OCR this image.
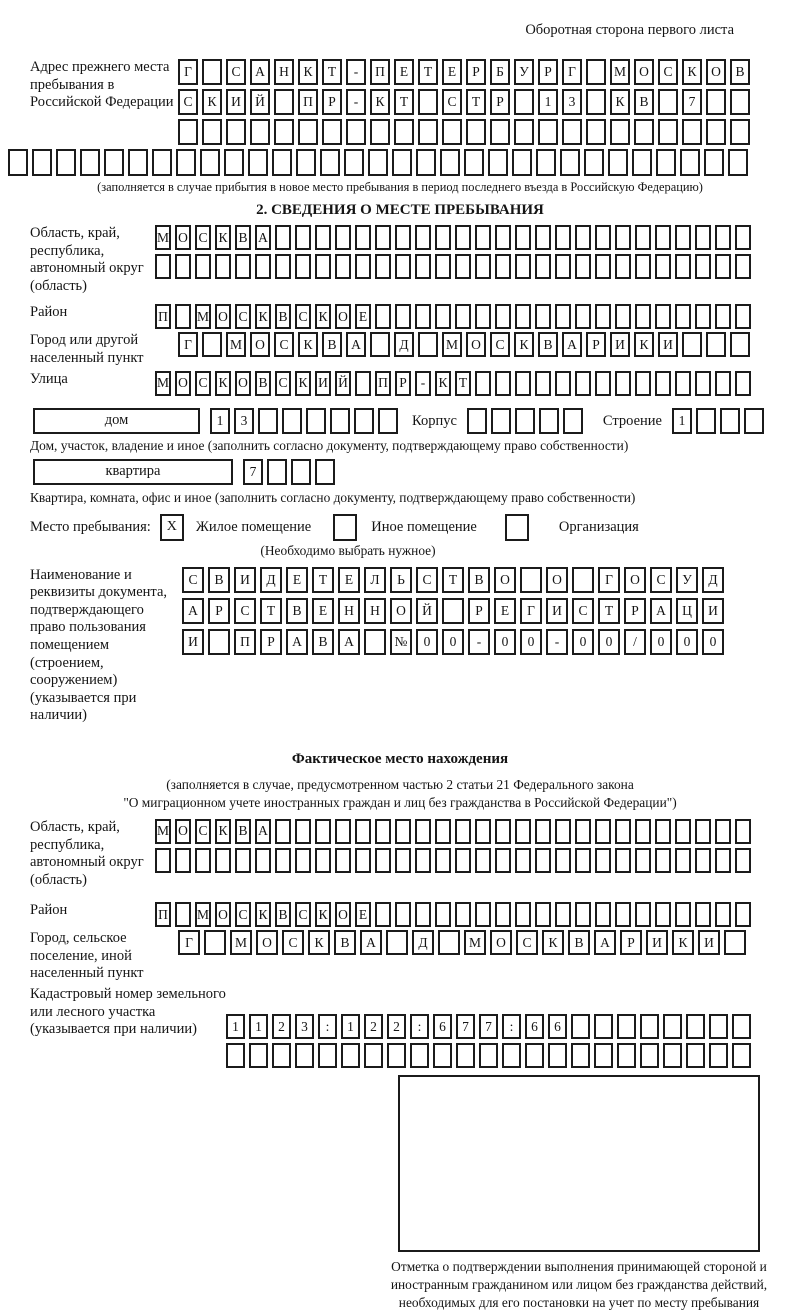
Оборотная сторона первого листа
Адрес прежнего места пребывания в Российской Федерации
Г	С	А	Н	К	Т	-	П	Е	Т	Е	Р	Б	У	Р	Г	М О	С	К	О	В
С	К	И	Й	П	Р	-	К	Т	С	Т	Р	1	3	К	В	7
(заполняется в случае прибытия в новое место пребывания в период последнего въезда в Российскую Федерацию)
2. СВЕДЕНИЯ О МЕСТЕ ПРЕБЫВАНИЯ
Область, край, республика, автономный округ (область)
М О С К В А
Район	П М О С К В С К О Е
Город или другой населенный пункт
Г	М О	С	К	В	А	Д	М О	С	К	В	А	Р	И	К	И
Улица	М О С К О В С К И Й П Р	- К Т
дом	1	3	Корпус	Строение	1
Дом, участок, владение и иное (заполнить согласно документу, подтверждающему право собственности)
квартира	7
Квартира, комната, офис и иное (заполнить согласно документу, подтверждающему право собственности)
Место пребывания:	X	Жилое помещение	Иное помещение	Организация
(Необходимо выбрать нужное)
Наименование и реквизиты документа, подтверждающего право пользования помещением (строением, сооружением) (указывается при наличии)
С	В	И	Д	Е	Т	Е	Л	Ь	С	Т	В	О	О	Г	О	С	У	Д
А	Р	С	Т	В	Е	Н	Н	О	Й	Р	Е	Г	И	С	Т	Р	А	Ц	И
И	П	Р	А	В	А	№	0	0	-	0	0	-	0	0	/	0	0	0
Фактическое место нахождения
(заполняется в случае, предусмотренном частью 2 статьи 21 Федерального закона
"О миграционном учете иностранных граждан и лиц без гражданства в Российской Федерации")
Область, край, республика, автономный округ (область)
М О С К В А
Район	П М О С К В С К О Е
Город, сельское поселение, иной населенный пункт
Г	М	О	С	К	В	А	Д	М	О	С	К	В	А	Р	И	К	И
Кадастровый номер земельного или лесного участка (указывается при наличии)	1	1	2	3	:	1	2	2	:	6	7	7	:	6	6
Отметка о подтверждении выполнения принимающей стороной и иностранным гражданином или лицом без гражданства действий, необходимых для его постановки на учет по месту пребывания
